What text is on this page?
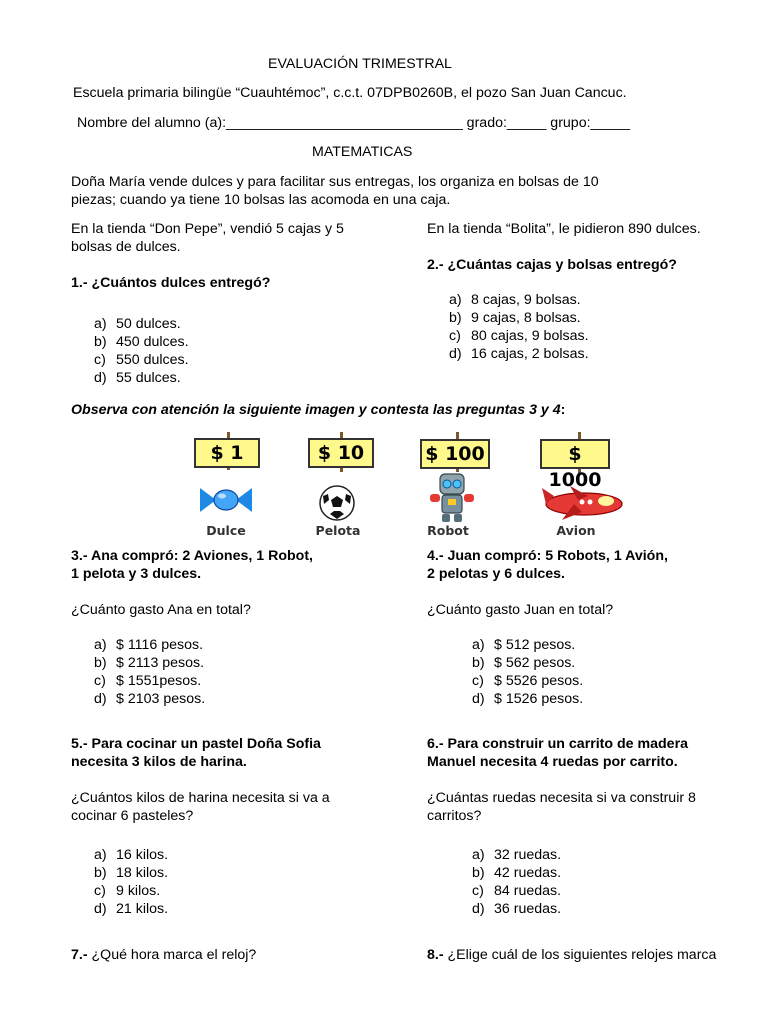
EVALUACIÓN TRIMESTRAL
Escuela primaria bilingüe “Cuauhtémoc”, c.c.t. 07DPB0260B, el pozo San Juan Cancuc.
Nombre del alumno (a):______________________________ grado:_____ grupo:_____
MATEMATICAS
Doña María vende dulces y para facilitar sus entregas, los organiza en bolsas de 10
piezas; cuando ya tiene 10 bolsas las acomoda en una caja.
En la tienda “Don Pepe”, vendió 5 cajas y 5
bolsas de dulces.
1.- ¿Cuántos dulces entregó?
a) 50 dulces.
b) 450 dulces.
c) 550 dulces.
d) 55 dulces.
En la tienda “Bolita”, le pidieron 890 dulces.
2.- ¿Cuántas cajas y bolsas entregó?
a) 8 cajas, 9 bolsas.
b) 9 cajas, 8 bolsas.
c) 80 cajas, 9 bolsas.
d) 16 cajas, 2 bolsas.
Observa con atención la siguiente imagen y contesta las preguntas 3 y 4:
$ 1
Dulce
$ 10
Pelota
$ 100
Robot
$ 1000
Avion
3.- Ana compró: 2 Aviones, 1 Robot,
1 pelota y 3 dulces.
¿Cuánto gasto Ana en total?
a) $ 1116 pesos.
b) $ 2113 pesos.
c) $ 1551pesos.
d) $ 2103 pesos.
4.- Juan compró: 5 Robots, 1 Avión,
2 pelotas y 6 dulces.
¿Cuánto gasto Juan en total?
a) $ 512 pesos.
b) $ 562 pesos.
c) $ 5526 pesos.
d) $ 1526 pesos.
5.- Para cocinar un pastel Doña Sofia
necesita 3 kilos de harina.
¿Cuántos kilos de harina necesita si va a
cocinar 6 pasteles?
a) 16 kilos.
b) 18 kilos.
c) 9 kilos.
d) 21 kilos.
6.- Para construir un carrito de madera
Manuel necesita 4 ruedas por carrito.
¿Cuántas ruedas necesita si va construir 8
carritos?
a) 32 ruedas.
b) 42 ruedas.
c) 84 ruedas.
d) 36 ruedas.
7.- ¿Qué hora marca el reloj?	8.- ¿Elige cuál de los siguientes relojes marca
